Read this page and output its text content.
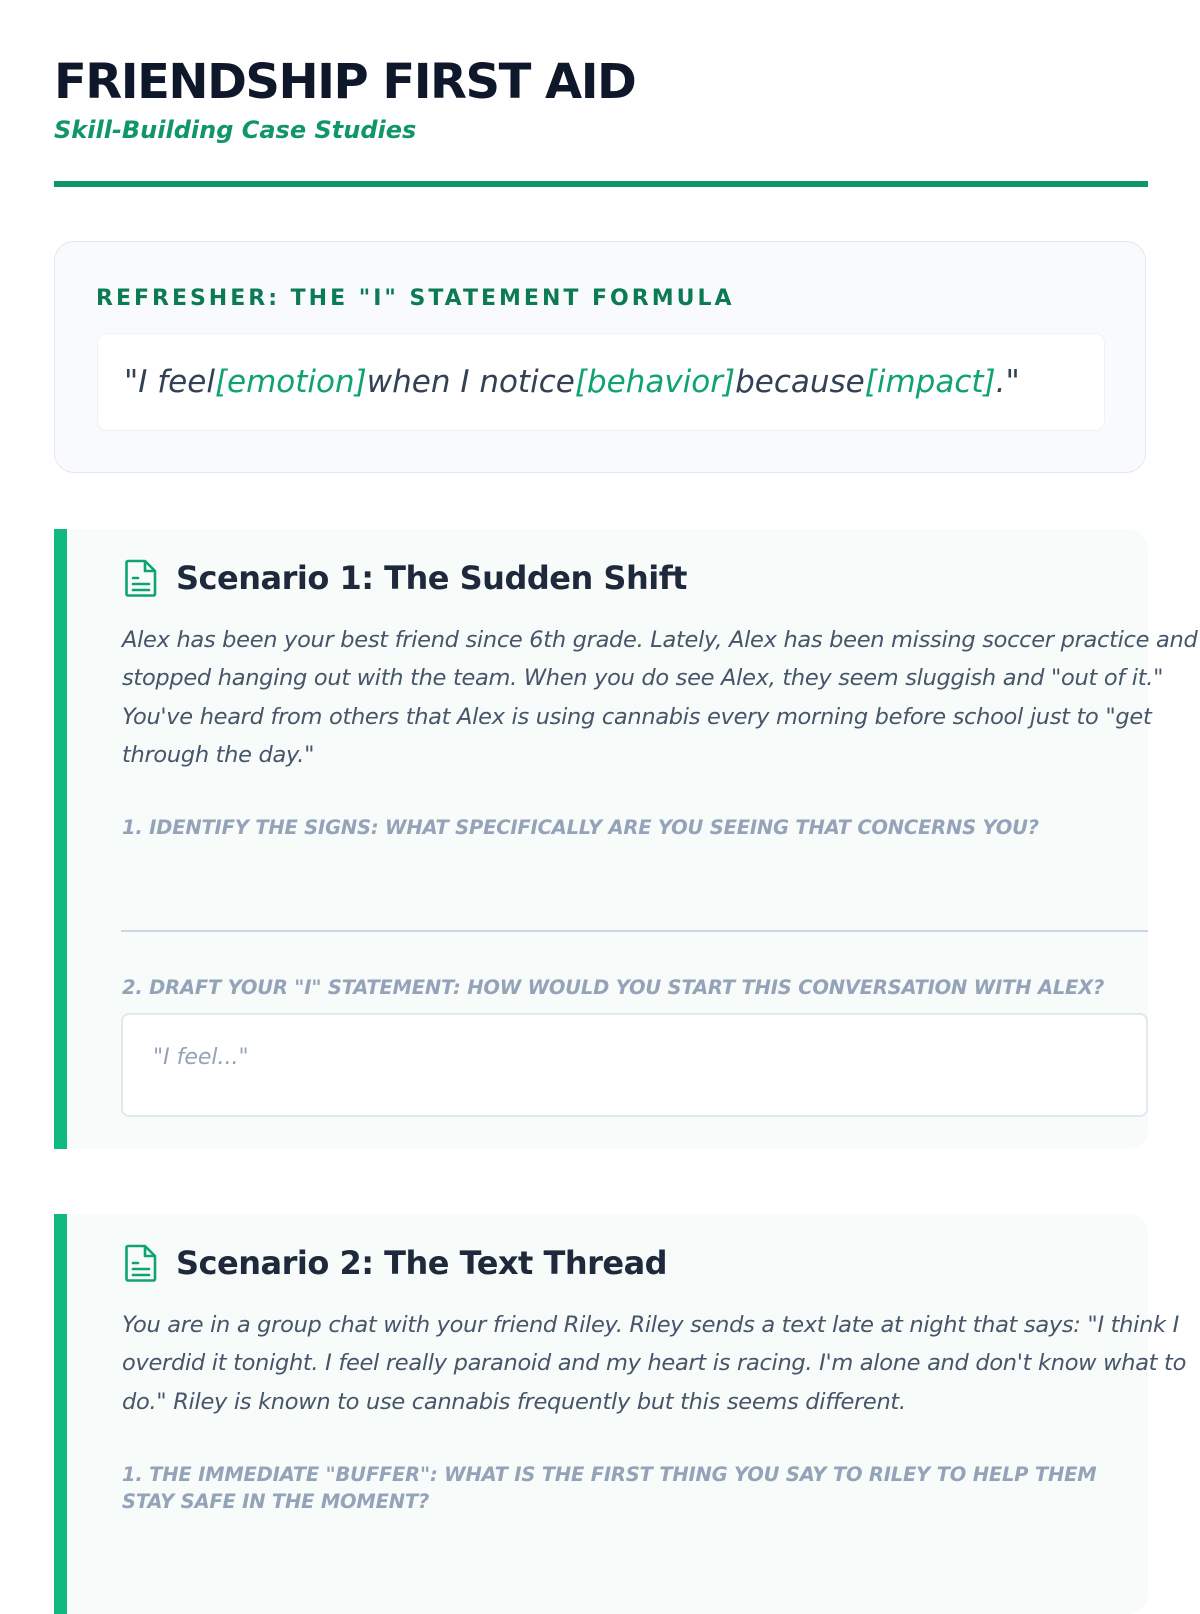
FRIENDSHIP FIRST AID
Skill-Building Case Studies
REFRESHER: THE "I" STATEMENT FORMULA
"I feel [emotion] when I notice [behavior] because [impact] ."
Scenario 1: The Sudden Shift
Alex has been your best friend since 6th grade. Lately, Alex has been missing soccer practice and stopped hanging out with the team. When you do see Alex, they seem sluggish and "out of it." You've heard from others that Alex is using cannabis every morning before school just to "get through the day."
1. IDENTIFY THE SIGNS: WHAT SPECIFICALLY ARE YOU SEEING THAT CONCERNS YOU?
2. DRAFT YOUR "I" STATEMENT: HOW WOULD YOU START THIS CONVERSATION WITH ALEX?
"I feel..."
Scenario 2: The Text Thread
You are in a group chat with your friend Riley. Riley sends a text late at night that says: "I think I overdid it tonight. I feel really paranoid and my heart is racing. I'm alone and don't know what to do." Riley is known to use cannabis frequently but this seems different.
1. THE IMMEDIATE "BUFFER": WHAT IS THE FIRST THING YOU SAY TO RILEY TO HELP THEM STAY SAFE IN THE MOMENT?
